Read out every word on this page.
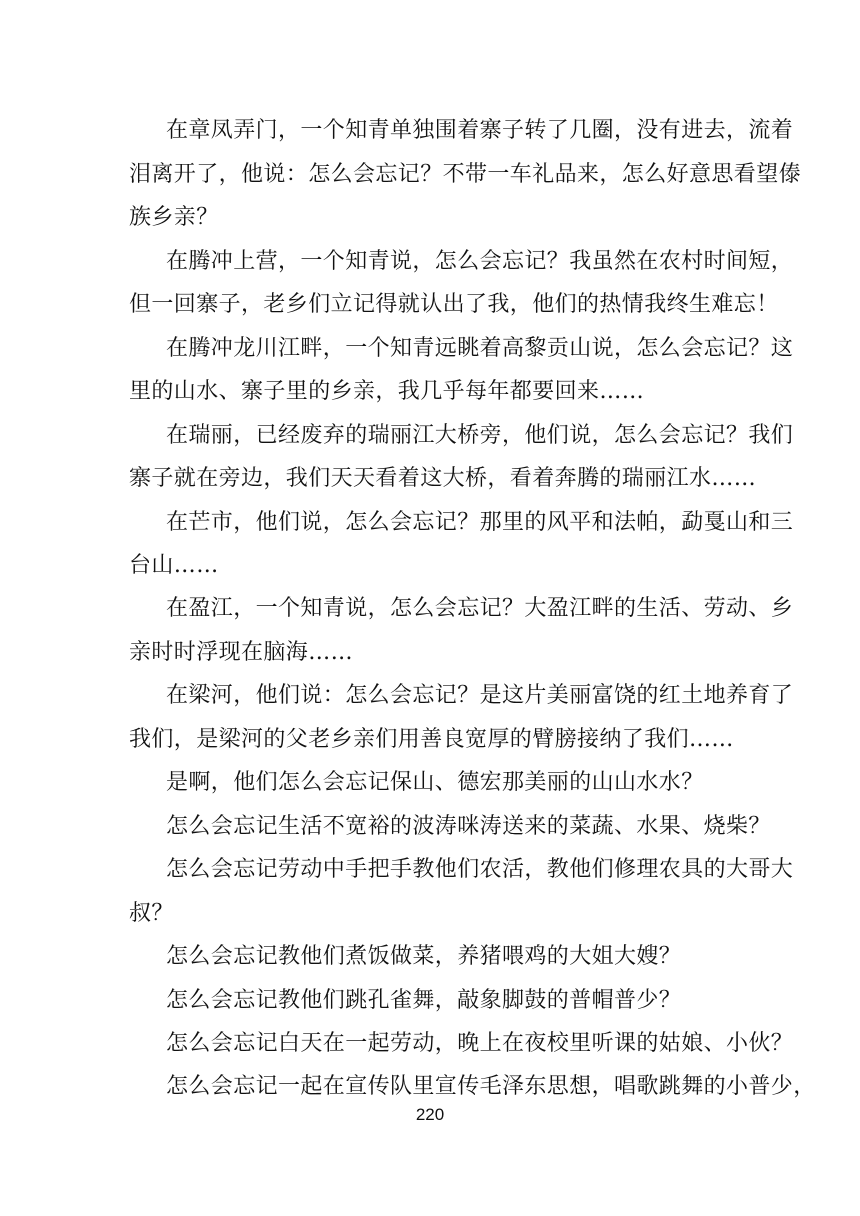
在章凤弄门，一个知青单独围着寨子转了几圈，没有进去，流着
泪离开了，他说：怎么会忘记？不带一车礼品来，怎么好意思看望傣
族乡亲？
在腾冲上营，一个知青说，怎么会忘记？我虽然在农村时间短，
但一回寨子，老乡们立记得就认出了我，他们的热情我终生难忘！
在腾冲龙川江畔，一个知青远眺着高黎贡山说，怎么会忘记？这
里的山水、寨子里的乡亲，我几乎每年都要回来……
在瑞丽，已经废弃的瑞丽江大桥旁，他们说，怎么会忘记？我们
寨子就在旁边，我们天天看着这大桥，看着奔腾的瑞丽江水……
在芒市，他们说，怎么会忘记？那里的风平和法帕，勐戛山和三
台山……
在盈江，一个知青说，怎么会忘记？大盈江畔的生活、劳动、乡
亲时时浮现在脑海……
在梁河，他们说：怎么会忘记？是这片美丽富饶的红土地养育了
我们，是梁河的父老乡亲们用善良宽厚的臂膀接纳了我们……
是啊，他们怎么会忘记保山、德宏那美丽的山山水水？
怎么会忘记生活不宽裕的波涛咪涛送来的菜蔬、水果、烧柴？
怎么会忘记劳动中手把手教他们农活，教他们修理农具的大哥大
叔？
怎么会忘记教他们煮饭做菜，养猪喂鸡的大姐大嫂？
怎么会忘记教他们跳孔雀舞，敲象脚鼓的普帽普少？
怎么会忘记白天在一起劳动，晚上在夜校里听课的姑娘、小伙？
怎么会忘记一起在宣传队里宣传毛泽东思想，唱歌跳舞的小普少，
220
